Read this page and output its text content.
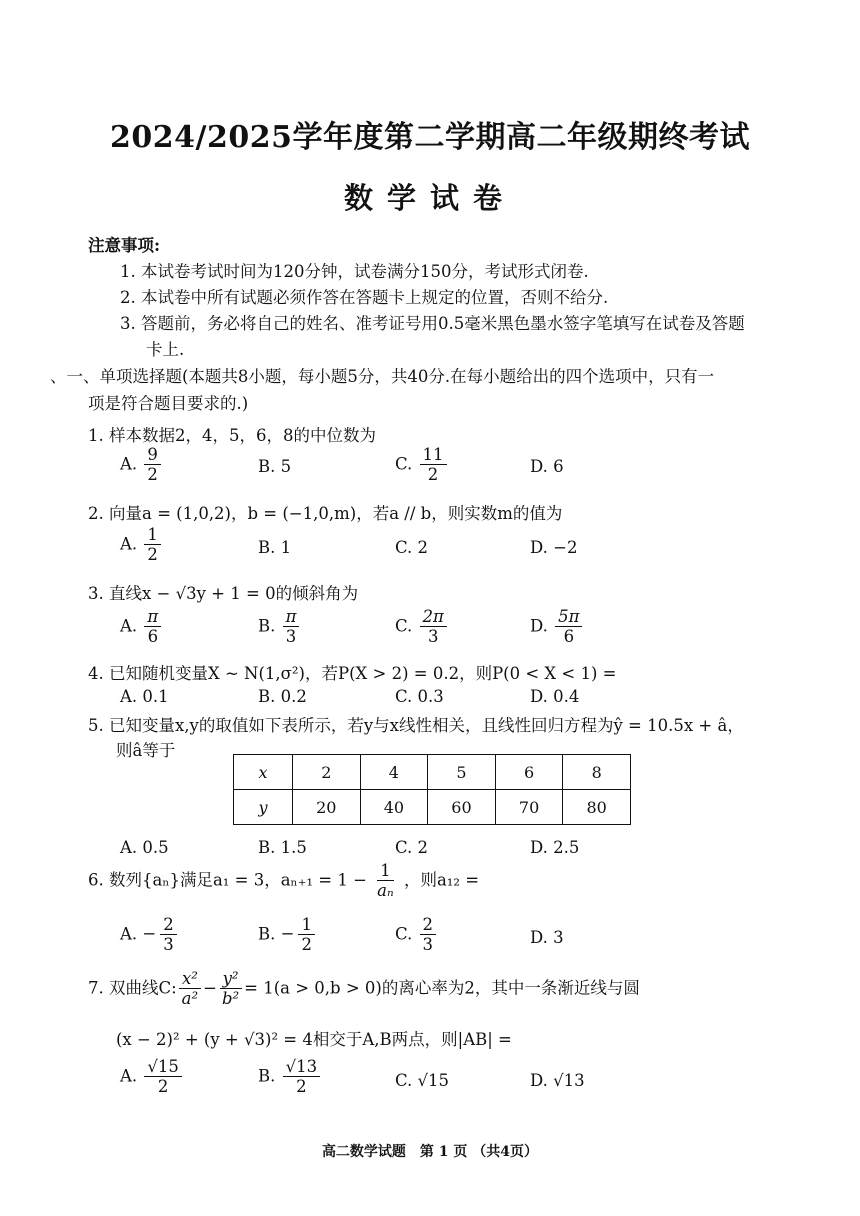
2024/2025学年度第二学期高二年级期终考试
数学试卷
注意事项:
1. 本试卷考试时间为120分钟，试卷满分150分，考试形式闭卷.
2. 本试卷中所有试题必须作答在答题卡上规定的位置，否则不给分.
3. 答题前，务必将自己的姓名、准考证号用0.5毫米黑色墨水签字笔填写在试卷及答题
卡上.
、一、单项选择题(本题共8小题，每小题5分，共40分.在每小题给出的四个选项中，只有一
项是符合题目要求的.)
1. 样本数据2，4，5，6，8的中位数为
A. $\frac{9}{2}$	B. 5	C. $\frac{11}{2}$	D. 6
2. 向量a = (1,0,2)，b = (−1,0,m)，若a // b，则实数m的值为
A. $\frac{1}{2}$	B. 1	C. 2	D. −2
3. 直线x − √3y + 1 = 0的倾斜角为
A. $\frac{\pi}{6}$	B. $\frac{\pi}{3}$	C. $\frac{2\pi}{3}$	D. $\frac{5\pi}{6}$
4. 已知随机变量X ~ N(1,σ²)，若P(X > 2) = 0.2，则P(0 < X < 1) =
A. 0.1	B. 0.2	C. 0.3	D. 0.4
5. 已知变量x,y的取值如下表所示，若y与x线性相关，且线性回归方程为ŷ = 10.5x + â，
则â等于
x	2	4	5	6	8
y	20	40	60	70	80
A. 0.5	B. 1.5	C. 2	D. 2.5
6. 数列{aₙ}满足a₁ = 3，$a_{n+1} = 1 - \frac{1}{\text{aₙ}}$ ，则a₁₂ =
A. − $\frac{2}{3}$	B. − $\frac{1}{2}$	C. $\frac{2}{3}$	D. 3
7. 双曲线C: $\frac{\text{x²}}{\text{a²}} - \frac{\text{y²}}{\text{b²}} = 1(a > 0,b > 0)$的离心率为2，其中一条渐近线与圆
(x − 2)² + (y + √3)² = 4相交于A,B两点，则|AB| =
A. $\frac{√15}{2}$	B. $\frac{√13}{2}$	C. √15	D. √13
高二数学试题　第 1 页 （共4页）
